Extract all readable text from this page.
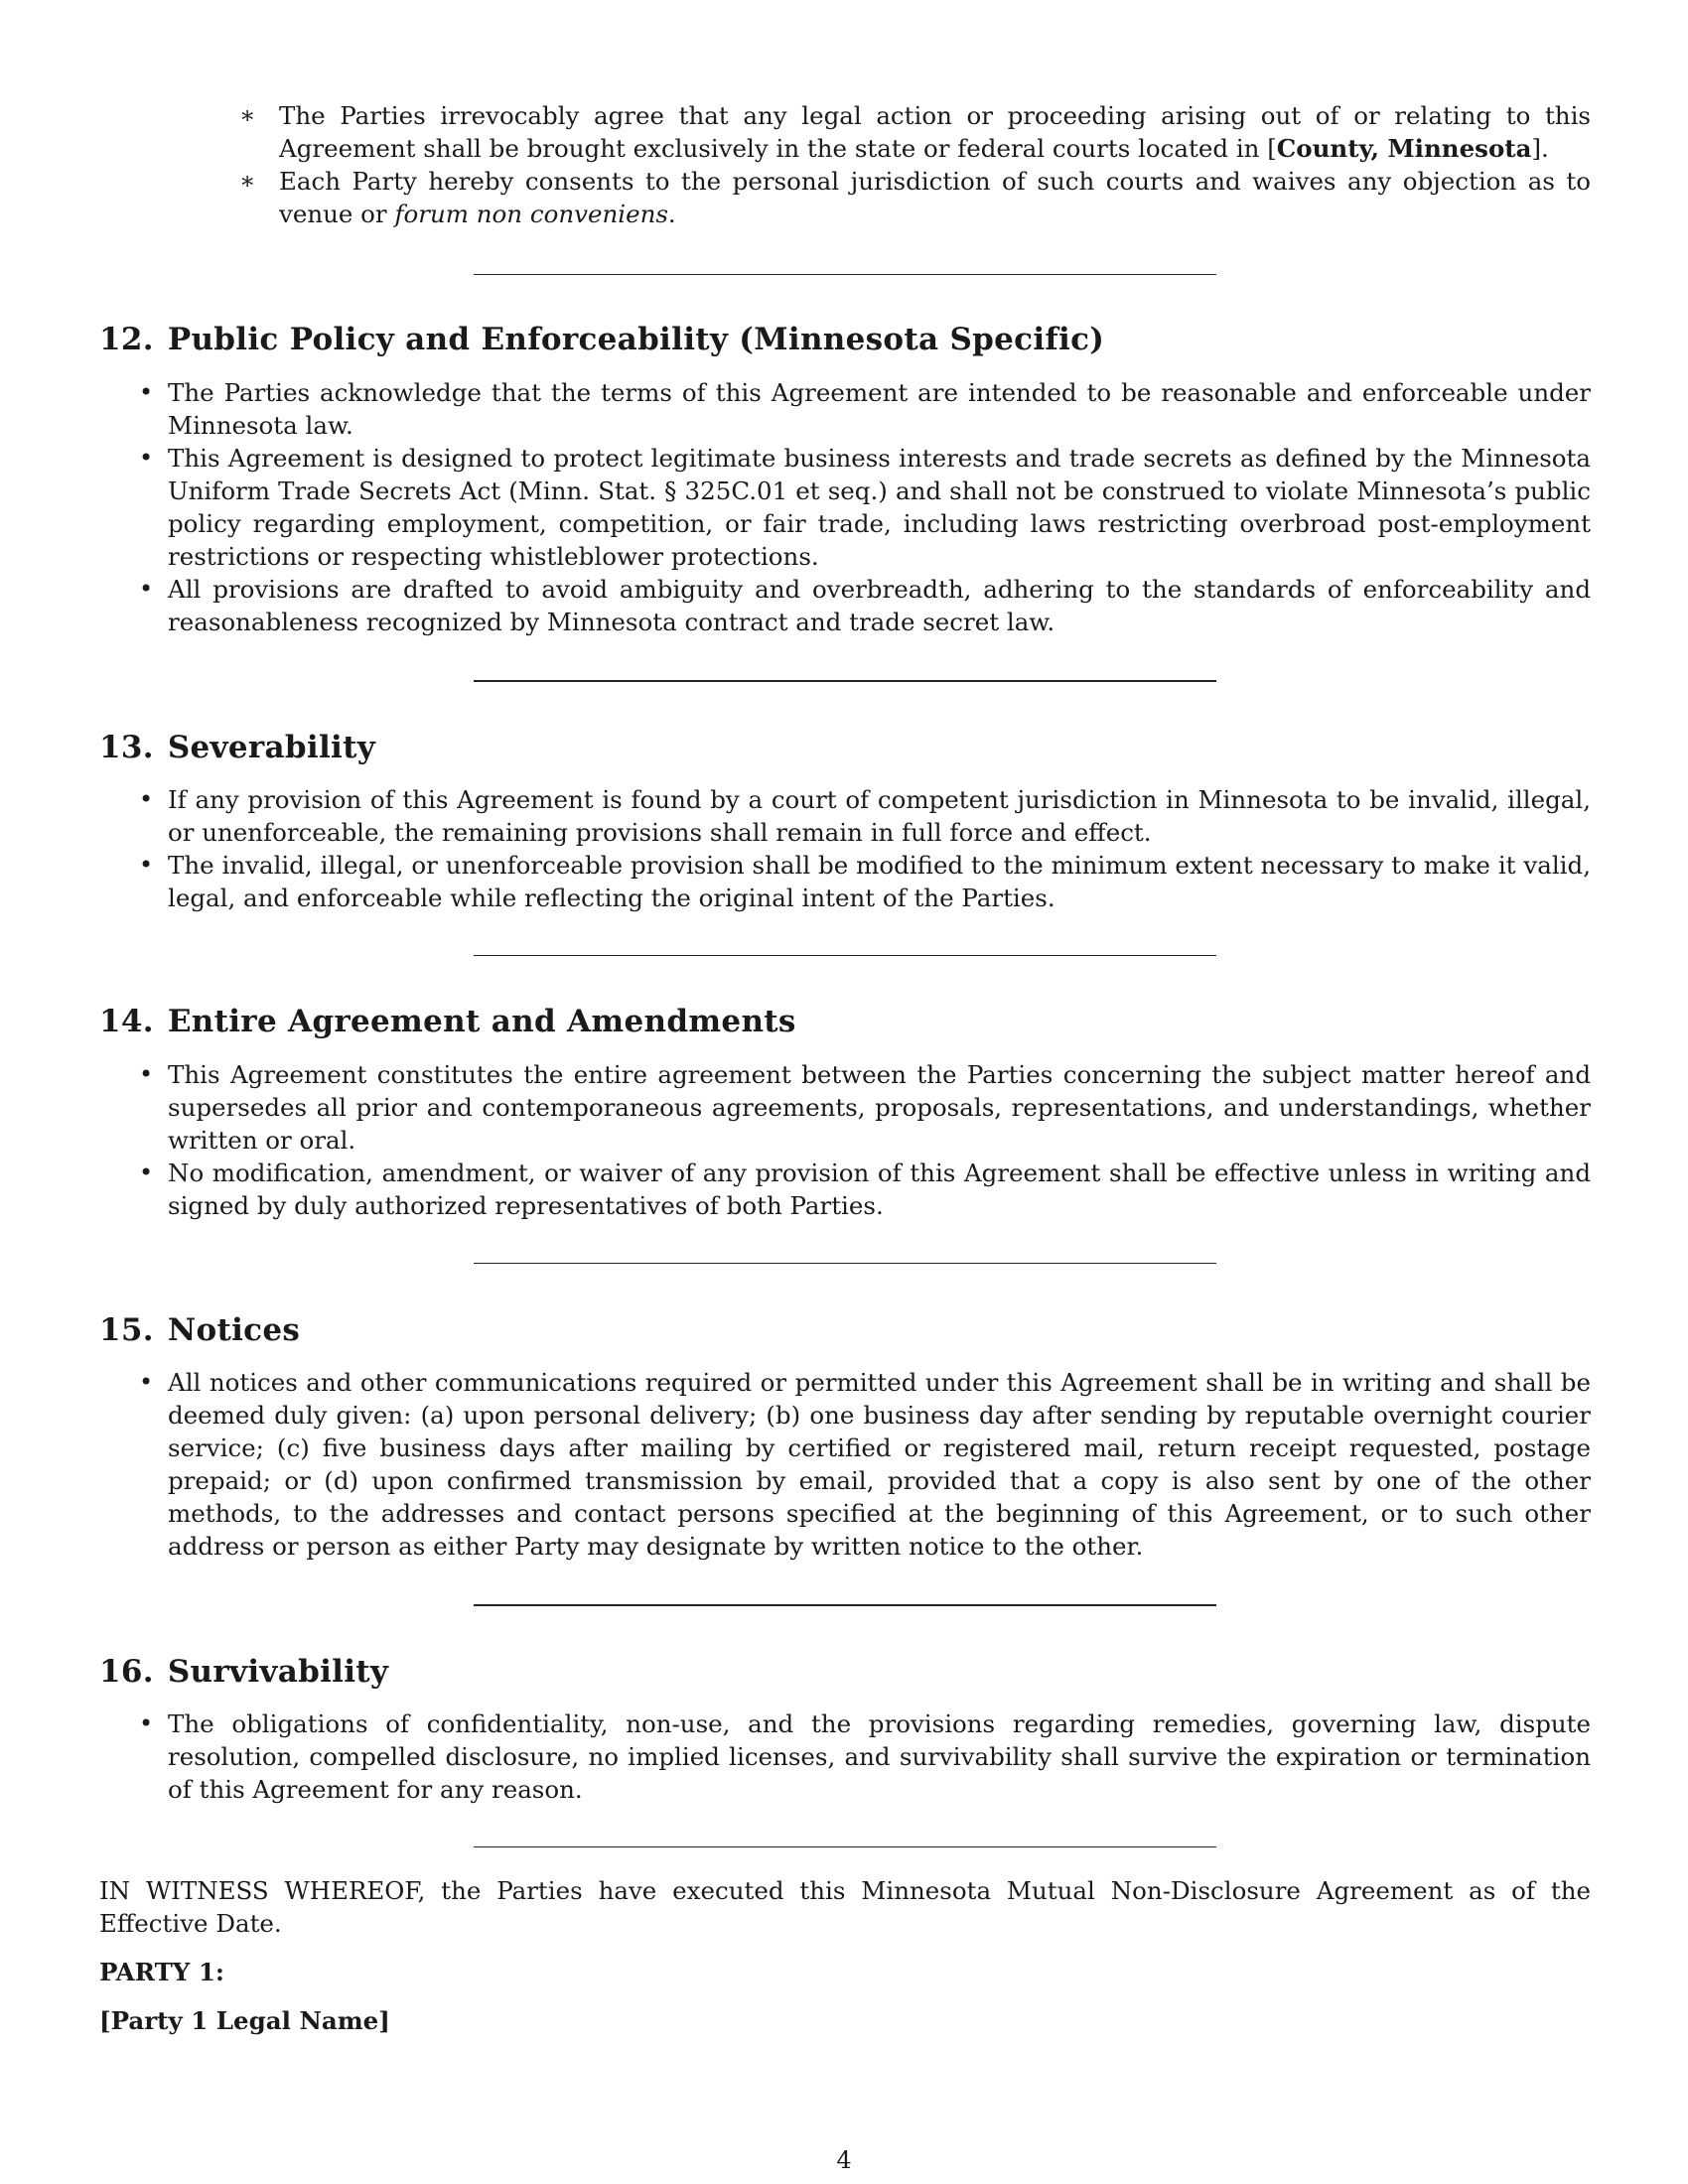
∗ The Parties irrevocably agree that any legal action or proceeding arising out of or relating to this Agreement shall be brought exclusively in the state or federal courts located in [County, Minnesota].
∗ Each Party hereby consents to the personal jurisdiction of such courts and waives any objection as to venue or forum non conveniens.
12. Public Policy and Enforceability (Minnesota Specific)
• The Parties acknowledge that the terms of this Agreement are intended to be reasonable and enforceable under Minnesota law.
• This Agreement is designed to protect legitimate business interests and trade secrets as defined by the Minnesota Uniform Trade Secrets Act (Minn. Stat. § 325C.01 et seq.) and shall not be construed to violate Minnesota’s public policy regarding employment, competition, or fair trade, including laws restricting overbroad post-employment restrictions or respecting whistleblower protections.
• All provisions are drafted to avoid ambiguity and overbreadth, adhering to the standards of enforceability and reasonableness recognized by Minnesota contract and trade secret law.
13. Severability
• If any provision of this Agreement is found by a court of competent jurisdiction in Minnesota to be invalid, illegal, or unenforceable, the remaining provisions shall remain in full force and effect.
• The invalid, illegal, or unenforceable provision shall be modified to the minimum extent necessary to make it valid, legal, and enforceable while reflecting the original intent of the Parties.
14. Entire Agreement and Amendments
• This Agreement constitutes the entire agreement between the Parties concerning the subject matter hereof and supersedes all prior and contemporaneous agreements, proposals, representations, and understandings, whether written or oral.
• No modification, amendment, or waiver of any provision of this Agreement shall be effective unless in writing and signed by duly authorized representatives of both Parties.
15. Notices
• All notices and other communications required or permitted under this Agreement shall be in writing and shall be deemed duly given: (a) upon personal delivery; (b) one business day after sending by reputable overnight courier service; (c) five business days after mailing by certified or registered mail, return receipt requested, postage prepaid; or (d) upon confirmed transmission by email, provided that a copy is also sent by one of the other methods, to the addresses and contact persons specified at the beginning of this Agreement, or to such other address or person as either Party may designate by written notice to the other.
16. Survivability
• The obligations of confidentiality, non-use, and the provisions regarding remedies, governing law, dispute resolution, compelled disclosure, no implied licenses, and survivability shall survive the expiration or termination of this Agreement for any reason.
IN WITNESS WHEREOF, the Parties have executed this Minnesota Mutual Non-Disclosure Agreement as of the Effective Date.
PARTY 1:
[Party 1 Legal Name]
4
